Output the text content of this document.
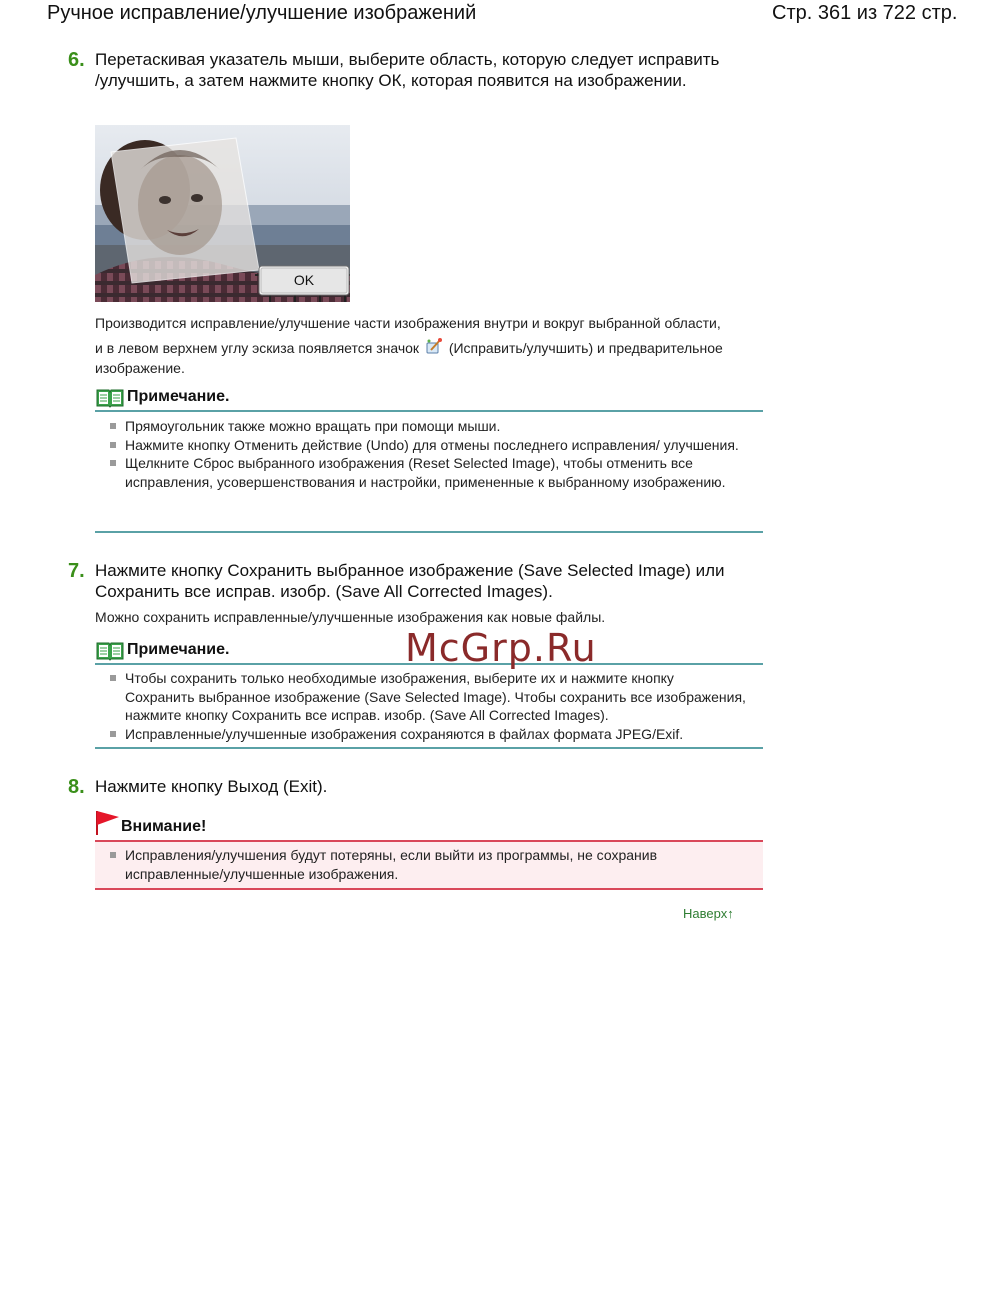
Ручное исправление/улучшение изображений	Стр. 361 из 722 стр.
6. Перетаскивая указатель мыши, выберите область, которую следует исправить
/улучшить, а затем нажмите кнопку ОК, которая появится на изображении.
OK
Производится исправление/улучшение части изображения внутри и вокруг выбранной области,
и в левом верхнем углу эскиза появляется значок (Исправить/улучшить) и предварительное
изображение.
Примечание.
Прямоугольник также можно вращать при помощи мыши.
Нажмите кнопку Отменить действие (Undo) для отмены последнего исправления/ улучшения.
Щелкните Сброс выбранного изображения (Reset Selected Image), чтобы отменить все исправления, усовершенствования и настройки, примененные к выбранному изображению.
7. Нажмите кнопку Сохранить выбранное изображение (Save Selected Image) или
Сохранить все исправ. изобр. (Save All Corrected Images).
Можно сохранить исправленные/улучшенные изображения как новые файлы.
Примечание.
Чтобы сохранить только необходимые изображения, выберите их и нажмите кнопку Сохранить выбранное изображение (Save Selected Image). Чтобы сохранить все изображения, нажмите кнопку Сохранить все исправ. изобр. (Save All Corrected Images).
Исправленные/улучшенные изображения сохраняются в файлах формата JPEG/Exif.
McGrp.Ru
8. Нажмите кнопку Выход (Exit).
Внимание!
Исправления/улучшения будут потеряны, если выйти из программы, не сохранив исправленные/улучшенные изображения.
Наверх↑
